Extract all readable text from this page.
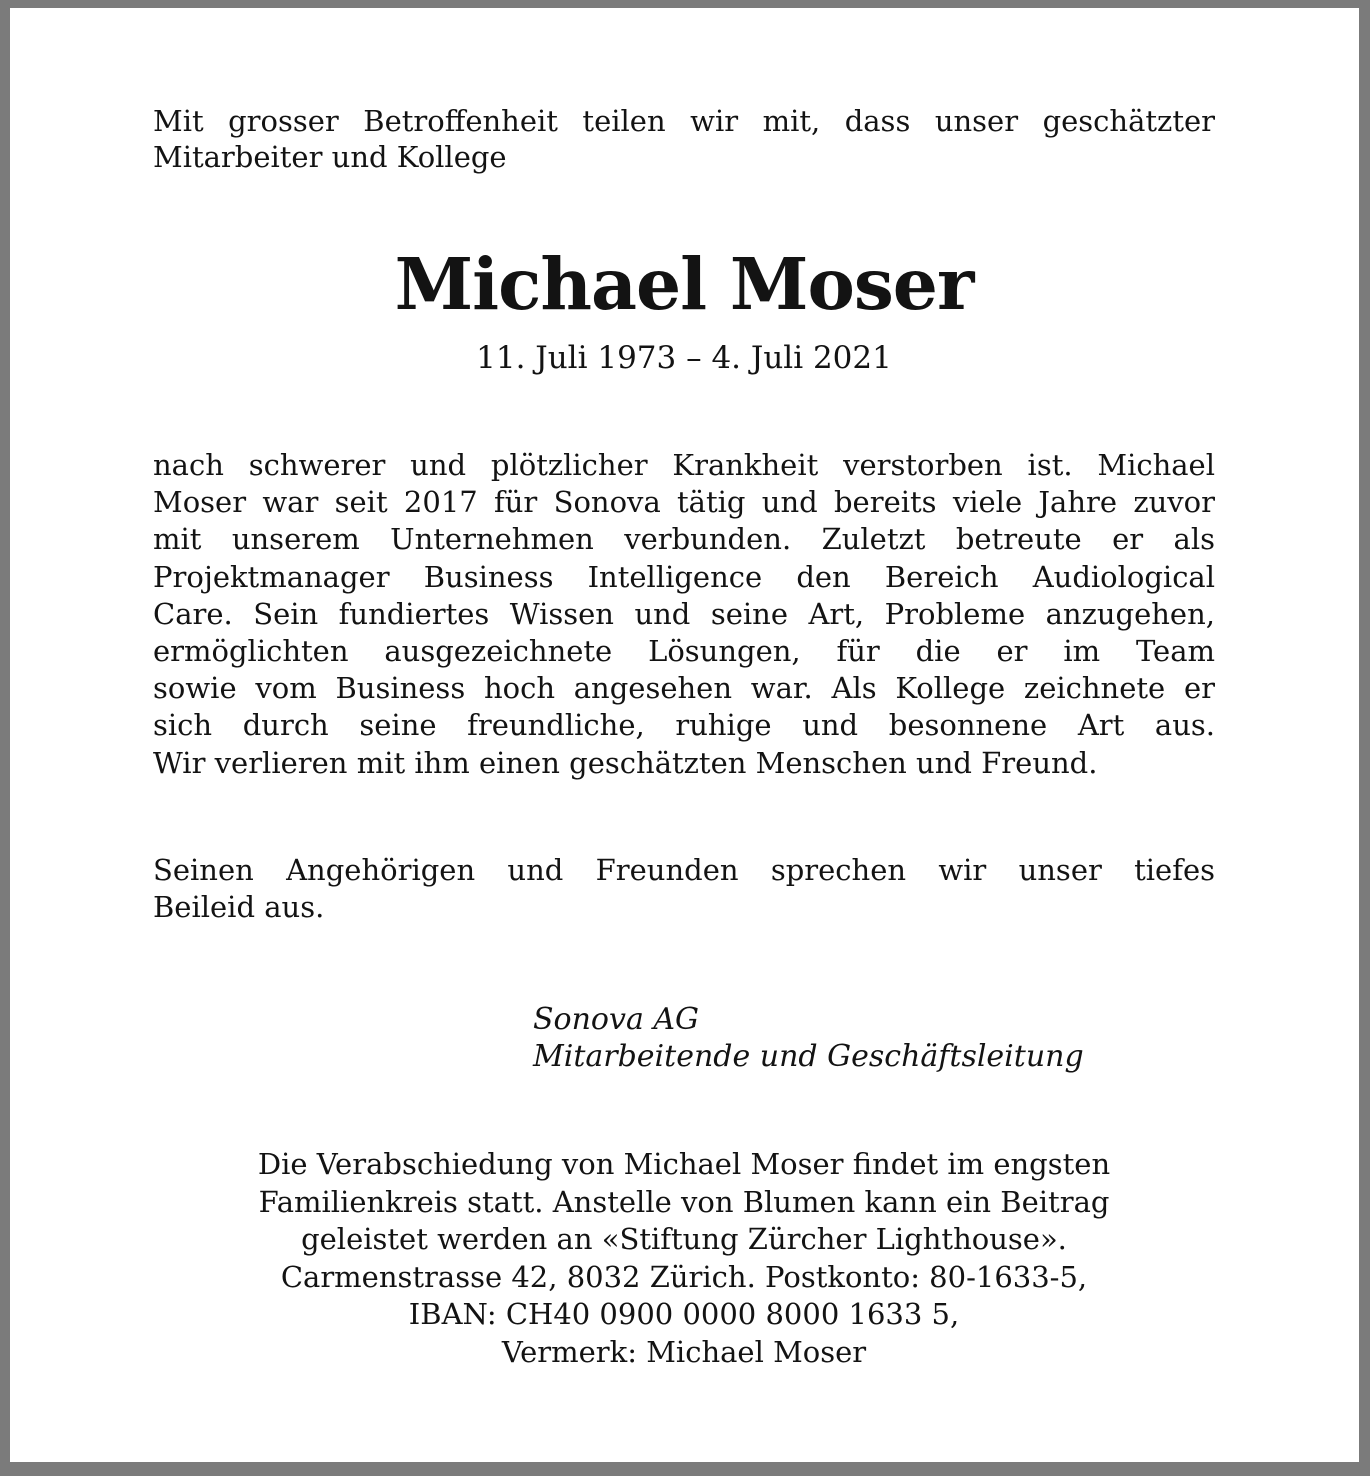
Mit grosser Betroffenheit teilen wir mit, dass unser geschätzter
Mitarbeiter und Kollege
Michael Moser
11. Juli 1973 – 4. Juli 2021
nach schwerer und plötzlicher Krankheit verstorben ist. Michael
Moser war seit 2017 für Sonova tätig und bereits viele Jahre zuvor
mit unserem Unternehmen verbunden. Zuletzt betreute er als
Projektmanager Business Intelligence den Bereich Audiological
Care. Sein fundiertes Wissen und seine Art, Probleme anzugehen,
ermöglichten ausgezeichnete Lösungen, für die er im Team
sowie vom Business hoch angesehen war. Als Kollege zeichnete er
sich durch seine freundliche, ruhige und besonnene Art aus.
Wir verlieren mit ihm einen geschätzten Menschen und Freund.
Seinen Angehörigen und Freunden sprechen wir unser tiefes
Beileid aus.
Sonova AG
Mitarbeitende und Geschäftsleitung
Die Verabschiedung von Michael Moser findet im engsten
Familienkreis statt. Anstelle von Blumen kann ein Beitrag
geleistet werden an «Stiftung Zürcher Lighthouse».
Carmenstrasse 42, 8032 Zürich. Postkonto: 80-1633-5,
IBAN: CH40 0900 0000 8000 1633 5,
Vermerk: Michael Moser
